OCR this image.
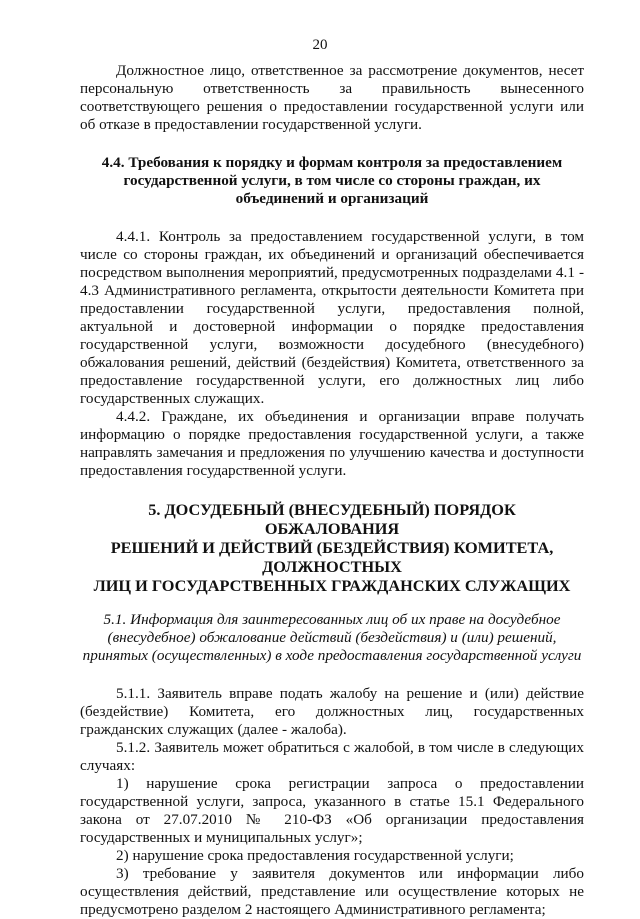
20

Должностное лицо, ответственное за рассмотрение документов, несет персональную ответственность за правильность вынесенного соответствующего решения о предоставлении государственной услуги или об отказе в предоставлении государственной услуги.

4.4. Требования к порядку и формам контроля за предоставлением государственной услуги, в том числе со стороны граждан, их объединений и организаций

4.4.1. Контроль за предоставлением государственной услуги, в том числе со стороны граждан, их объединений и организаций обеспечивается посредством выполнения мероприятий, предусмотренных подразделами 4.1 - 4.3 Административного регламента, открытости деятельности Комитета при предоставлении государственной услуги, предоставления полной, актуальной и достоверной информации о порядке предоставления государственной услуги, возможности досудебного (внесудебного) обжалования решений, действий (бездействия) Комитета, ответственного за предоставление государственной услуги, его должностных лиц либо государственных служащих.

4.4.2. Граждане, их объединения и организации вправе получать информацию о порядке предоставления государственной услуги, а также направлять замечания и предложения по улучшению качества и доступности предоставления государственной услуги.

5. ДОСУДЕБНЫЙ (ВНЕСУДЕБНЫЙ) ПОРЯДОК ОБЖАЛОВАНИЯ

РЕШЕНИЙ И ДЕЙСТВИЙ (БЕЗДЕЙСТВИЯ) КОМИТЕТА,

ДОЛЖНОСТНЫХ

ЛИЦ И ГОСУДАРСТВЕННЫХ ГРАЖДАНСКИХ СЛУЖАЩИХ

5.1. Информация для заинтересованных лиц об их праве на досудебное (внесудебное) обжалование действий (бездействия) и (или) решений, принятых (осуществленных) в ходе предоставления государственной услуги

5.1.1. Заявитель вправе подать жалобу на решение и (или) действие (бездействие) Комитета, его должностных лиц, государственных гражданских служащих (далее - жалоба).

5.1.2. Заявитель может обратиться с жалобой, в том числе в следующих случаях:

1) нарушение срока регистрации запроса о предоставлении государственной услуги, запроса, указанного в статье 15.1 Федерального закона от 27.07.2010 № 210-ФЗ «Об организации предоставления государственных и муниципальных услуг»;

2) нарушение срока предоставления государственной услуги;

3) требование у заявителя документов или информации либо осуществления действий, представление или осуществление которых не предусмотрено разделом 2 настоящего Административного регламента;
